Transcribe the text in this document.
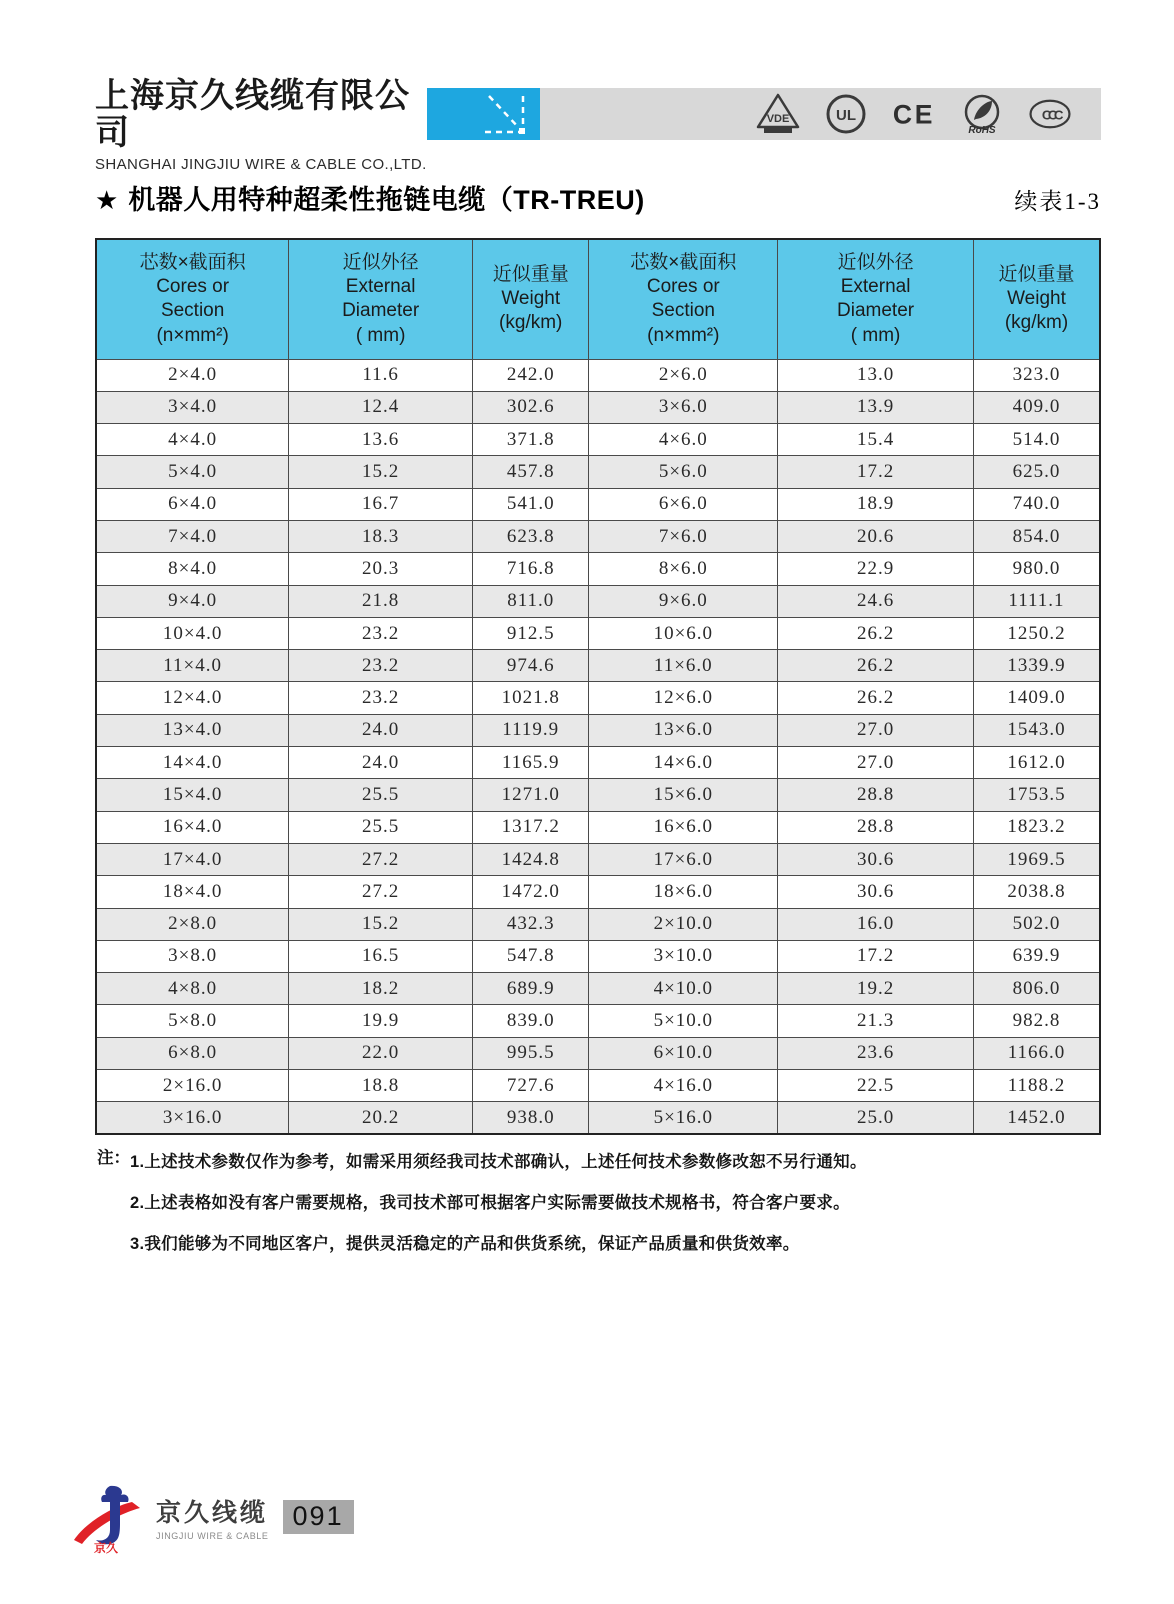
上海京久线缆有限公司
SHANGHAI JINGJIU WIRE & CABLE CO.,LTD.
VDE	UL CE
RoHS
CCC
★ 机器人用特种超柔性拖链电缆（TR-TREU)	续表1-3
芯数×截面积
Cores or
Section
(n×mm²)	近似外径
External
Diameter
( mm)	近似重量
Weight
(kg/km)	芯数×截面积
Cores or
Section
(n×mm²)	近似外径
External
Diameter
( mm)	近似重量
Weight
(kg/km)
2×4.0	11.6	242.0	2×6.0	13.0	323.0
3×4.0	12.4	302.6	3×6.0	13.9	409.0
4×4.0	13.6	371.8	4×6.0	15.4	514.0
5×4.0	15.2	457.8	5×6.0	17.2	625.0
6×4.0	16.7	541.0	6×6.0	18.9	740.0
7×4.0	18.3	623.8	7×6.0	20.6	854.0
8×4.0	20.3	716.8	8×6.0	22.9	980.0
9×4.0	21.8	811.0	9×6.0	24.6	1111.1
10×4.0	23.2	912.5	10×6.0	26.2	1250.2
11×4.0	23.2	974.6	11×6.0	26.2	1339.9
12×4.0	23.2	1021.8	12×6.0	26.2	1409.0
13×4.0	24.0	1119.9	13×6.0	27.0	1543.0
14×4.0	24.0	1165.9	14×6.0	27.0	1612.0
15×4.0	25.5	1271.0	15×6.0	28.8	1753.5
16×4.0	25.5	1317.2	16×6.0	28.8	1823.2
17×4.0	27.2	1424.8	17×6.0	30.6	1969.5
18×4.0	27.2	1472.0	18×6.0	30.6	2038.8
2×8.0	15.2	432.3	2×10.0	16.0	502.0
3×8.0	16.5	547.8	3×10.0	17.2	639.9
4×8.0	18.2	689.9	4×10.0	19.2	806.0
5×8.0	19.9	839.0	5×10.0	21.3	982.8
6×8.0	22.0	995.5	6×10.0	23.6	1166.0
2×16.0	18.8	727.6	4×16.0	22.5	1188.2
3×16.0	20.2	938.0	5×16.0	25.0	1452.0
注： 1.上述技术参数仅作为参考，如需采用须经我司技术部确认，上述任何技术参数修改恕不另行通知。
2.上述表格如没有客户需要规格，我司技术部可根据客户实际需要做技术规格书，符合客户要求。
3.我们能够为不同地区客户，提供灵活稳定的产品和供货系统，保证产品质量和供货效率。
京久
京久线缆
JINGJIU WIRE & CABLE
091
